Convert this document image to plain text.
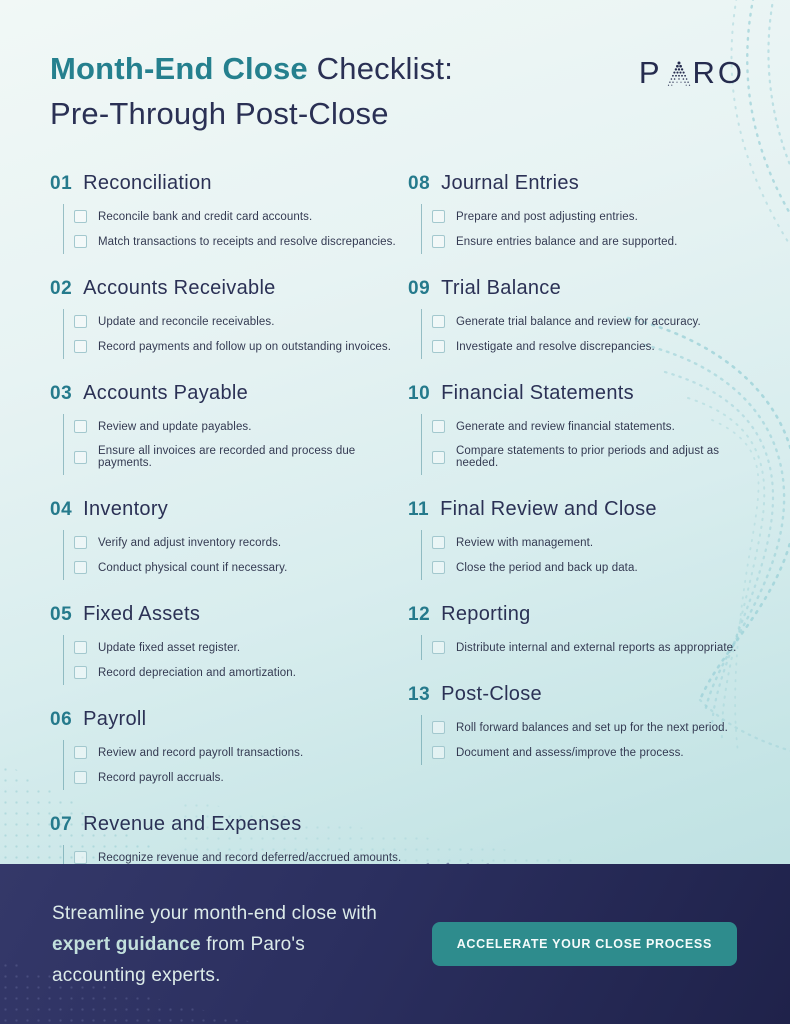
Month-End Close Checklist:
Pre-Through Post-Close
P RO
01 Reconciliation
Reconcile bank and credit card accounts.
Match transactions to receipts and resolve discrepancies.
02 Accounts Receivable
Update and reconcile receivables.
Record payments and follow up on outstanding invoices.
03 Accounts Payable
Review and update payables.
Ensure all invoices are recorded and process due payments.
04 Inventory
Verify and adjust inventory records.
Conduct physical count if necessary.
05 Fixed Assets
Update fixed asset register.
Record depreciation and amortization.
06 Payroll
Review and record payroll transactions.
Record payroll accruals.
07 Revenue and Expenses
Recognize revenue and record deferred/accrued amounts.
08 Journal Entries
Prepare and post adjusting entries.
Ensure entries balance and are supported.
09 Trial Balance
Generate trial balance and review for accuracy.
Investigate and resolve discrepancies.
10 Financial Statements
Generate and review financial statements.
Compare statements to prior periods and adjust as needed.
11 Final Review and Close
Review with management.
Close the period and back up data.
12 Reporting
Distribute internal and external reports as appropriate.
13 Post-Close
Roll forward balances and set up for the next period.
Document and assess/improve the process.

Streamline your month-end close with expert guidance from Paro's accounting experts.

ACCELERATE YOUR CLOSE PROCESS
